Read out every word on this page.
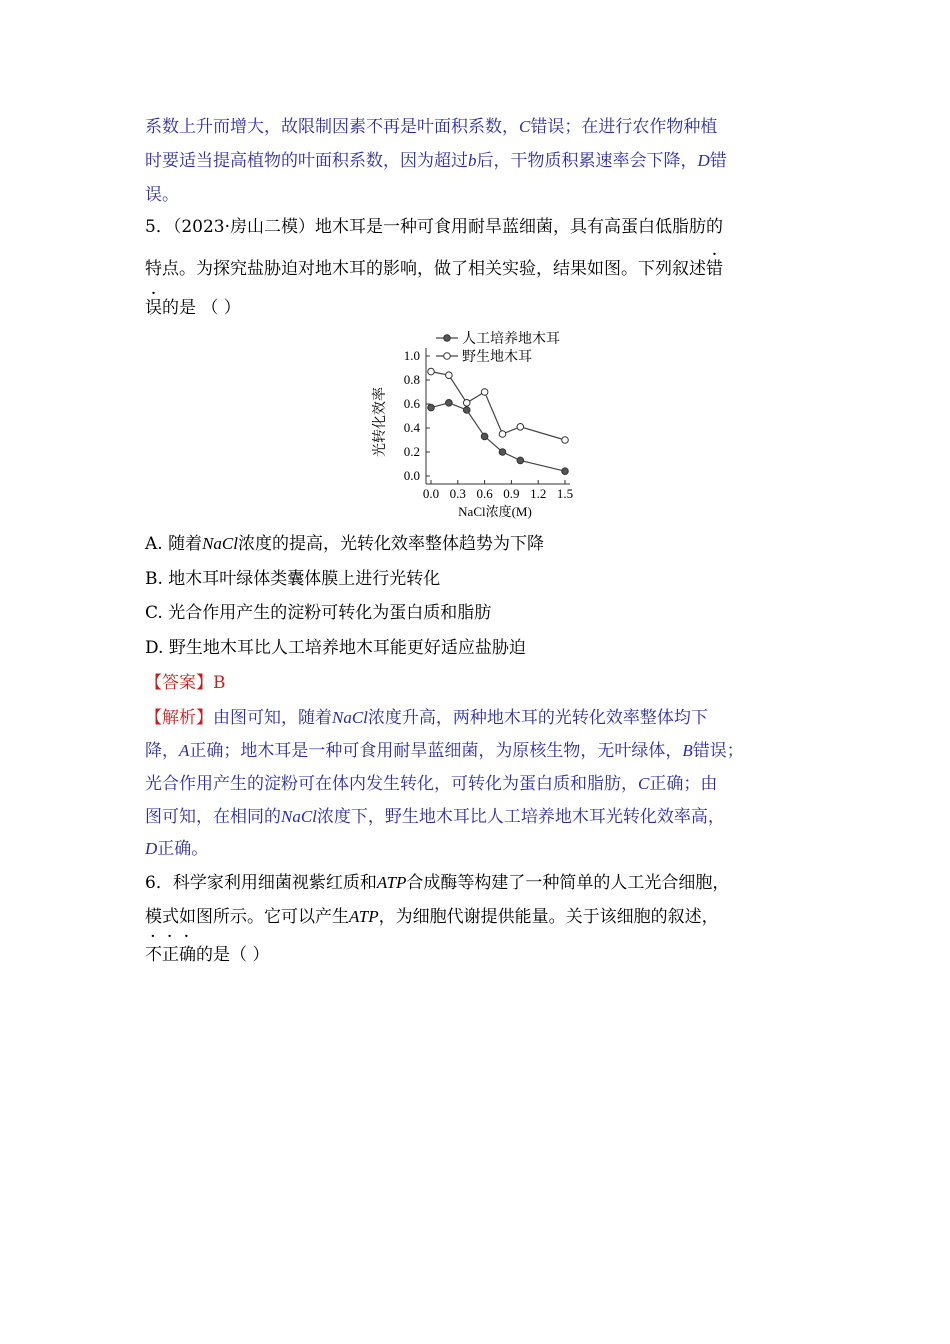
系数上升而增大，故限制因素不再是叶面积系数，C错误；在进行农作物种植
时要适当提高植物的叶面积系数，因为超过b后，干物质积累速率会下降，D错
误。
5．（2023·房山二模）地木耳是一种可食用耐旱蓝细菌，具有高蛋白低脂肪的
特点。为探究盐胁迫对地木耳的影响，做了相关实验，结果如图。下列叙述错
误的是 （ ）
0.0
0.2
0.4
0.6
0.8
1.0
0.0 0.3 0.6 0.9 1.2 1.5
人工培养地木耳
野生地木耳
光转化效率
NaCl浓度(M)
A. 随着NaCl浓度的提高，光转化效率整体趋势为下降
B. 地木耳叶绿体类囊体膜上进行光转化
C. 光合作用产生的淀粉可转化为蛋白质和脂肪
D. 野生地木耳比人工培养地木耳能更好适应盐胁迫
【答案】B
【解析】由图可知，随着NaCl浓度升高，两种地木耳的光转化效率整体均下
降，A正确；地木耳是一种可食用耐旱蓝细菌，为原核生物，无叶绿体，B错误；
光合作用产生的淀粉可在体内发生转化，可转化为蛋白质和脂肪，C正确；由
图可知，在相同的NaCl浓度下，野生地木耳比人工培养地木耳光转化效率高，
D正确。
6．科学家利用细菌视紫红质和ATP合成酶等构建了一种简单的人工光合细胞，
模式如图所示。它可以产生ATP，为细胞代谢提供能量。关于该细胞的叙述，
不正确的是（ ）
···
